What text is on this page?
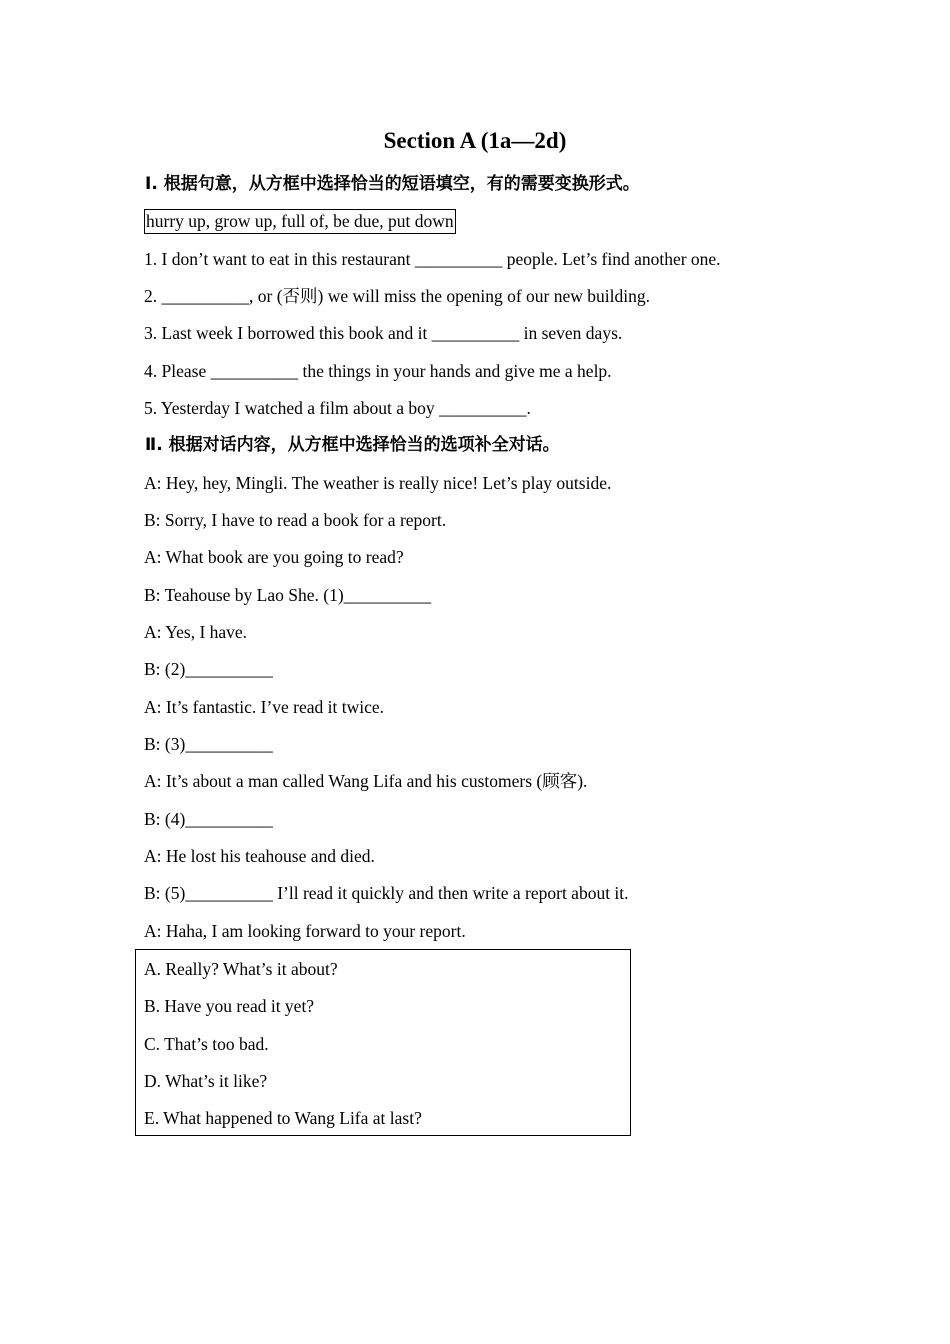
Section A (1a—2d)
Ⅰ. 根据句意，从方框中选择恰当的短语填空，有的需要变换形式。
hurry up, grow up, full of, be due, put down
1. I don’t want to eat in this restaurant __________ people. Let’s find another one.
2. __________, or (否则) we will miss the opening of our new building.
3. Last week I borrowed this book and it __________ in seven days.
4. Please __________ the things in your hands and give me a help.
5. Yesterday I watched a film about a boy __________.
Ⅱ. 根据对话内容，从方框中选择恰当的选项补全对话。
A: Hey, hey, Mingli. The weather is really nice! Let’s play outside.
B: Sorry, I have to read a book for a report.
A: What book are you going to read?
B: Teahouse by Lao She. (1)__________
A: Yes, I have.
B: (2)__________
A: It’s fantastic. I’ve read it twice.
B: (3)__________
A: It’s about a man called Wang Lifa and his customers (顾客).
B: (4)__________
A: He lost his teahouse and died.
B: (5)__________ I’ll read it quickly and then write a report about it.
A: Haha, I am looking forward to your report.
A. Really? What’s it about?
B. Have you read it yet?
C. That’s too bad.
D. What’s it like?
E. What happened to Wang Lifa at last?
